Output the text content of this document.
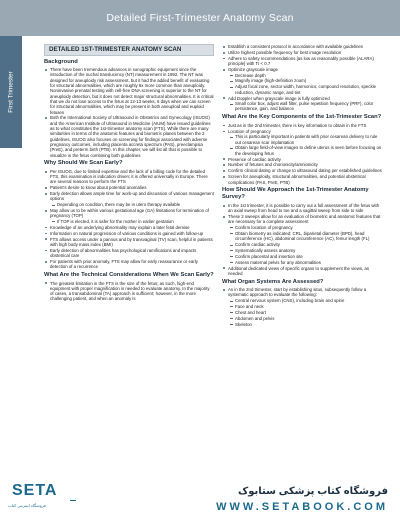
Detailed First-Trimester Anatomy Scan
First Trimester
DETAILED 1ST-TRIMESTER ANATOMY SCAN
Background
There have been tremendous advances in sonographic equipment since the introduction of the nuchal translucency (NT) measurement in 1992. The NT was designed for aneuploidy risk assessment, but it had the added benefit of evaluating for structural abnormalities, which are roughly 6x more common than aneuploidy. Noninvasive prenatal testing with cell-free DNA screening is superior to the NT for aneuploidy detection, but it does not detect major structural abnormalities. It is critical that we do not lose access to the fetus at 12-13 weeks, 6 days when we can screen for structural abnormalities, which may be present in both aneuploid and euploid fetuses
Both the International Society of Ultrasound in Obstetrics and Gynecology (ISUOG) and the American Institute of Ultrasound in Medicine (AIUM) have issued guidelines as to what constitutes the 1st-trimester anatomy scan (FTS). While there are many similarities in terms of the anatomic features and biometric planes between the 2 guidelines, ISUOG also focuses on screening for findings associated with adverse pregnancy outcomes, including placenta accreta spectrum (PAS), preeclampsia (PreE), and preterm birth (PTB). In this chapter, we will list all that is possible to visualize in the fetus combining both guidelines
Why Should We Scan Early?
Per ISUOG, due to limited expertise and the lack of a billing code for the detailed FTS, this examination is indication driven; it is offered universally in Europe. There are several reasons to perform the FTS
Patient's desire to know about potential anomalies
Early detection allows ample time for work-up and discussion of various management options
Depending on condition, there may be in utero therapy available
May allow us to be within various gestational age (GA) limitations for termination of pregnancy (TOP)
If TOP is elected, it is safer for the mother in earlier gestation
Knowledge of an underlying abnormality may explain a later fetal demise
Information on natural progression of various conditions is gained with follow-up
FTS allows access under a pannus and by transvaginal (TV) scan, helpful in patients with high body mass index (BMI)
Early detection of abnormalities has psychological ramifications and impacts obstetrical care
For patients with prior anomaly, FTS may allow for early reassurance or early detection of a recurrence
What Are the Technical Considerations When We Scan Early?
The greatest limitation in the FTS is the size of the fetus; as such, high-end equipment with proper magnification is needed to evaluate anatomy. In the majority of cases, a transabdominal (TA) approach is sufficient; however, in the more challenging patient, and when an anomaly is
Establish a consistent protocol in accordance with available guidelines
Utilize highest possible frequency for best image resolution
Adhere to safety recommendations [as low as reasonably possible (ALARA) principle] with TI < 0.7
Optimize grayscale image
Decrease depth
Magnify image (high-definition zoom)
Adjust focal zone, sector width, harmonics, compound resolution, speckle reduction, dynamic range, and tint
Add Doppler when grayscale image is fully optimized
Small color box, adjust wall filter, pulse repetition frequency (PRF), color persistence, gain, and balance
What Are the Key Components of the 1st-Trimester Scan?
Just as in the 2nd trimester, there is key information to obtain in the FTS
Location of pregnancy
This is particularly important in patients with prior cesarean delivery to rule out cesarean scar implantation
Obtain large field-of-view images to define uterus is seen before focusing on the developing fetus
Presence of cardiac activity
Number of fetuses and chorionicity/amnionicity
Confirm clinical dating or change to ultrasound dating per established guidelines
Screen for aneuploidy, structural abnormalities, and potential obstetrical complications (PAS, PreE, PTB)
How Should We Approach the 1st-Trimester Anatomy Survey?
In the 1st trimester, it is possible to carry out a full assessment of the fetus with an axial sweep from head to toe and a sagittal sweep from side to side
These 2 sweeps allow for an evaluation of biometric and anatomic features that are necessary for a complete assessment
Confirm location of pregnancy
Obtain biometry as indicated: CRL, biparietal diameter (BPD), head circumference (HC), abdominal circumference (AC), femur length (FL)
Confirm cardiac activity
Systematically assess anatomy
Confirm placental and insertion site
Assess maternal pelvis for any abnormalities
Additional dedicated views of specific organs to supplement the views, as needed
What Organ Systems Are Assessed?
As in the 2nd trimester, start by establishing situs, subsequently follow a systematic approach to evaluate the following:
Central nervous system (CNS), including brain and spine
Face and neck
Chest and heart
Abdomen and pelvis
Skeleton
SETA
فروشگاه اینترنتی کتاب
فروشگاه کتاب پزشکی ستابوک
WWW.SETABOOK.COM
